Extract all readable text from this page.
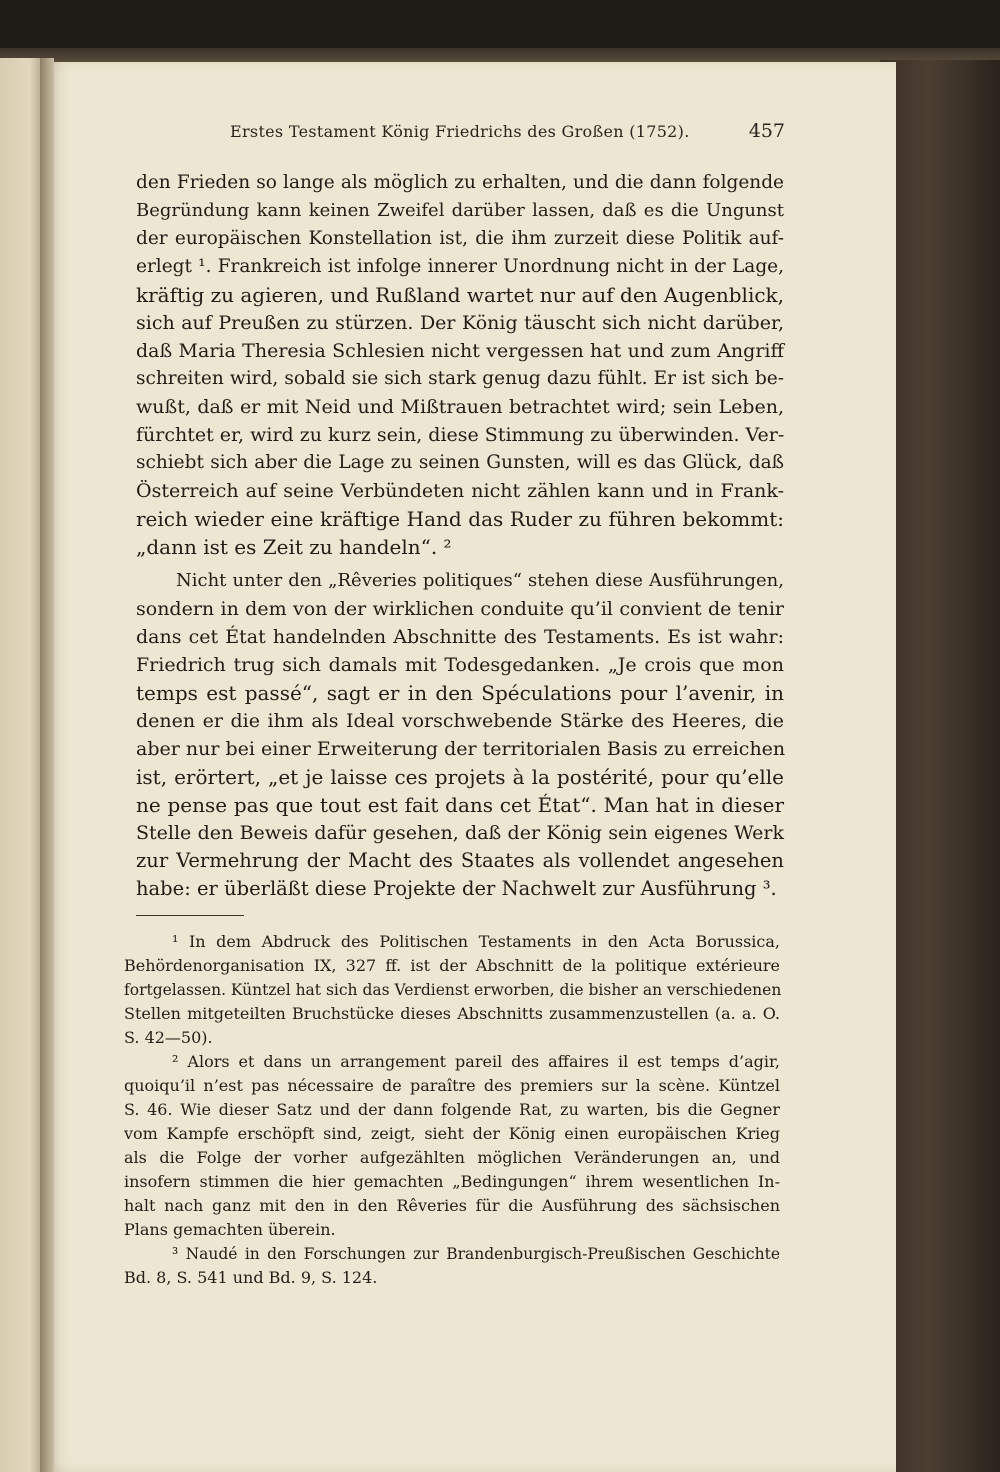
Erstes Testament König Friedrichs des Großen (1752).	457
den Frieden so lange als möglich zu erhalten, und die dann folgende
Begründung kann keinen Zweifel darüber lassen, daß es die Ungunst
der europäischen Konstellation ist, die ihm zurzeit diese Politik auf-
erlegt ¹. Frankreich ist infolge innerer Unordnung nicht in der Lage,
kräftig zu agieren, und Rußland wartet nur auf den Augenblick,
sich auf Preußen zu stürzen. Der König täuscht sich nicht darüber,
daß Maria Theresia Schlesien nicht vergessen hat und zum Angriff
schreiten wird, sobald sie sich stark genug dazu fühlt. Er ist sich be-
wußt, daß er mit Neid und Mißtrauen betrachtet wird; sein Leben,
fürchtet er, wird zu kurz sein, diese Stimmung zu überwinden. Ver-
schiebt sich aber die Lage zu seinen Gunsten, will es das Glück, daß
Österreich auf seine Verbündeten nicht zählen kann und in Frank-
reich wieder eine kräftige Hand das Ruder zu führen bekommt:
„dann ist es Zeit zu handeln“. ²
Nicht unter den „Rêveries politiques“ stehen diese Ausführungen,
sondern in dem von der wirklichen conduite qu’il convient de tenir
dans cet État handelnden Abschnitte des Testaments. Es ist wahr:
Friedrich trug sich damals mit Todesgedanken. „Je crois que mon
temps est passé“, sagt er in den Spéculations pour l’avenir, in
denen er die ihm als Ideal vorschwebende Stärke des Heeres, die
aber nur bei einer Erweiterung der territorialen Basis zu erreichen
ist, erörtert, „et je laisse ces projets à la postérité, pour qu’elle
ne pense pas que tout est fait dans cet État“. Man hat in dieser
Stelle den Beweis dafür gesehen, daß der König sein eigenes Werk
zur Vermehrung der Macht des Staates als vollendet angesehen
habe: er überläßt diese Projekte der Nachwelt zur Ausführung ³.
¹ In dem Abdruck des Politischen Testaments in den Acta Borussica,
Behördenorganisation IX, 327 ff. ist der Abschnitt de la politique extérieure
fortgelassen. Küntzel hat sich das Verdienst erworben, die bisher an verschiedenen
Stellen mitgeteilten Bruchstücke dieses Abschnitts zusammenzustellen (a. a. O.
S. 42—50).
² Alors et dans un arrangement pareil des affaires il est temps d’agir,
quoiqu’il n’est pas nécessaire de paraître des premiers sur la scène. Küntzel
S. 46. Wie dieser Satz und der dann folgende Rat, zu warten, bis die Gegner
vom Kampfe erschöpft sind, zeigt, sieht der König einen europäischen Krieg
als die Folge der vorher aufgezählten möglichen Veränderungen an, und
insofern stimmen die hier gemachten „Bedingungen“ ihrem wesentlichen In-
halt nach ganz mit den in den Rêveries für die Ausführung des sächsischen
Plans gemachten überein.
³ Naudé in den Forschungen zur Brandenburgisch-Preußischen Geschichte
Bd. 8, S. 541 und Bd. 9, S. 124.
